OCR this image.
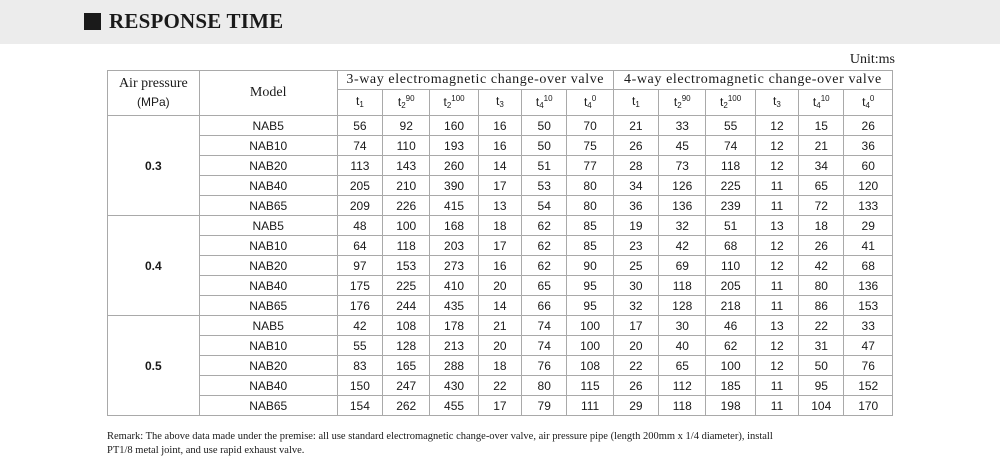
RESPONSE TIME
Unit:ms
Air pressure
(MPa)	Model	3-way electromagnetic change-over valve						4-way electromagnetic change-over valve					
		$t_1$	$t_2^{90}$	$t_2^{100}$	$t_3$	$t_4^{10}$	$t_4^0$	$t_1$	$t_2^{90}$	$t_2^{100}$	$t_3$	$t_4^{10}$	$t_4^0$
0.3	NAB5	56	92	160	16	50	70	21	33	55	12	15	26
	NAB10	74	110	193	16	50	75	26	45	74	12	21	36
	NAB20	113	143	260	14	51	77	28	73	118	12	34	60
	NAB40	205	210	390	17	53	80	34	126	225	11	65	120
	NAB65	209	226	415	13	54	80	36	136	239	11	72	133
0.4	NAB5	48	100	168	18	62	85	19	32	51	13	18	29
	NAB10	64	118	203	17	62	85	23	42	68	12	26	41
	NAB20	97	153	273	16	62	90	25	69	110	12	42	68
	NAB40	175	225	410	20	65	95	30	118	205	11	80	136
	NAB65	176	244	435	14	66	95	32	128	218	11	86	153
0.5	NAB5	42	108	178	21	74	100	17	30	46	13	22	33
	NAB10	55	128	213	20	74	100	20	40	62	12	31	47
	NAB20	83	165	288	18	76	108	22	65	100	12	50	76
	NAB40	150	247	430	22	80	115	26	112	185	11	95	152
	NAB65	154	262	455	17	79	111	29	118	198	11	104	170
Remark: The above data made under the premise: all use standard electromagnetic change-over valve, air pressure pipe (length 200mm x 1/4 diameter), install
PT1/8 metal joint, and use rapid exhaust valve.
